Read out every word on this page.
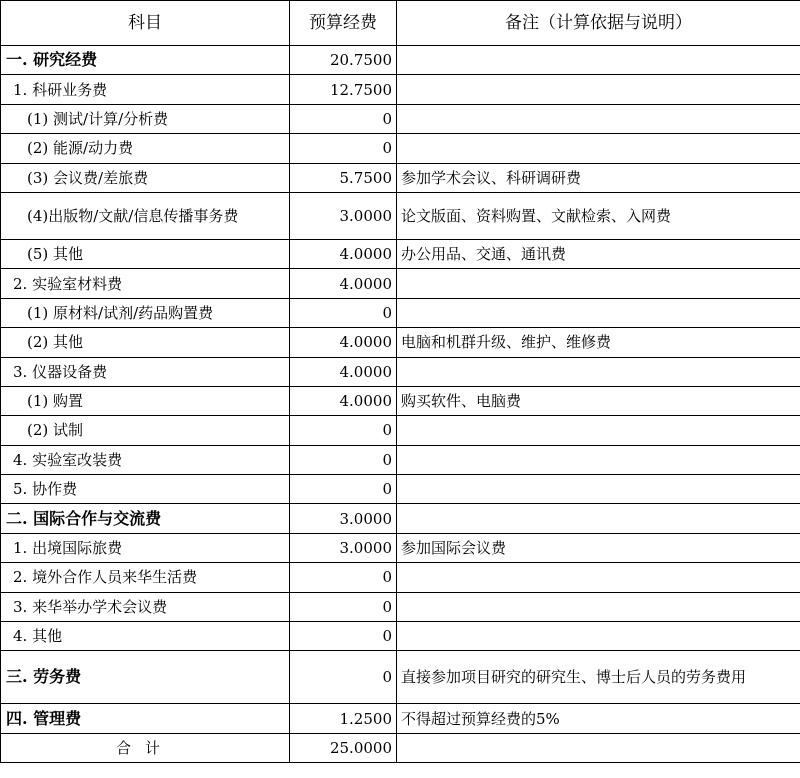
科目	预算经费	备注（计算依据与说明）
一. 研究经费	20.7500	
1. 科研业务费	12.7500	
(1) 测试/计算/分析费	0	
(2) 能源/动力费	0	
(3) 会议费/差旅费	5.7500	参加学术会议、科研调研费
(4)出版物/文献/信息传播事务费	3.0000	论文版面、资料购置、文献检索、入网费
(5) 其他	4.0000	办公用品、交通、通讯费
2. 实验室材料费	4.0000	
(1) 原材料/试剂/药品购置费	0	
(2) 其他	4.0000	电脑和机群升级、维护、维修费
3. 仪器设备费	4.0000	
(1) 购置	4.0000	购买软件、电脑费
(2) 试制	0	
4. 实验室改装费	0	
5. 协作费	0	
二. 国际合作与交流费	3.0000	
1. 出境国际旅费	3.0000	参加国际会议费
2. 境外合作人员来华生活费	0	
3. 来华举办学术会议费	0	
4. 其他	0	
三. 劳务费	0	直接参加项目研究的研究生、博士后人员的劳务费用
四. 管理费	1.2500	不得超过预算经费的5%
合计	25.0000	
